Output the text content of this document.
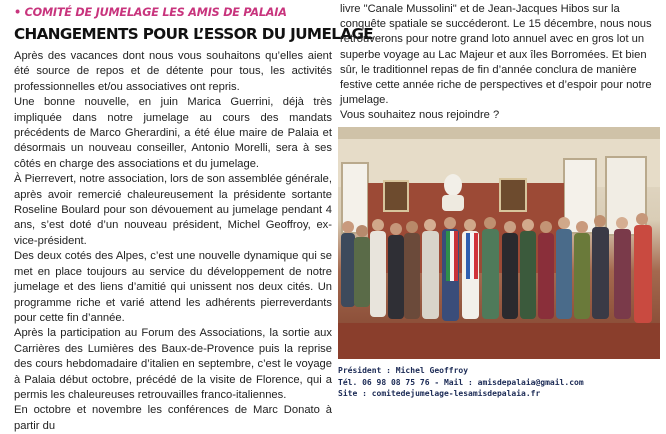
• COMITÉ DE JUMELAGE LES AMIS DE PALAIA
CHANGEMENTS POUR L’ESSOR DU JUMELAGE

Après des vacances dont nous vous souhaitons qu’elles aient été source de repos et de détente pour tous, les activités professionnelles et/ou associatives ont repris.

Une bonne nouvelle, en juin Marica Guerrini, déjà très impliquée dans notre jumelage au cours des mandats précédents de Marco Gherardini, a été élue maire de Palaia et désormais un nouveau conseiller, Antonio Morelli, sera à ses côtés en charge des associations et du jumelage.

À Pierrevert, notre association, lors de son assemblée générale, après avoir remercié chaleureusement la présidente sortante Roseline Boulard pour son dévouement au jumelage pendant 4 ans, s’est doté d’un nouveau président, Michel Geoffroy, ex-vice-président.

Des deux cotés des Alpes, c’est une nouvelle dynamique qui se met en place toujours au service du développement de notre jumelage et des liens d’amitié qui unissent nos deux cités. Un programme riche et varié attend les adhérents pierreverdants pour cette fin d’année.

Après la participation au Forum des Associations, la sortie aux Carrières des Lumières des Baux-de-Provence puis la reprise des cours hebdomadaire d’italien en septembre, c’est le voyage à Palaia début octobre, précédé de la visite de Florence, qui a permis les chaleureuses retrouvailles franco-italiennes.

En octobre et novembre les conférences de Marc Donato à partir du

livre "Canale Mussolini" et de Jean-Jacques Hibos sur la conquête spatiale se succéderont. Le 15 décembre, nous nous retrouverons pour notre grand loto annuel avec en gros lot un superbe voyage au Lac Majeur et aux îles Borromées. Et bien sûr, le traditionnel repas de fin d’année conclura de manière festive cette année riche de perspectives et d’espoir pour notre jumelage.

Vous souhaitez nous rejoindre ?

Président : Michel Geoffroy
Tél. 06 98 08 75 76 - Mail : amisdepalaia@gmail.com
Site : comitedejumelage-lesamisdepalaia.fr
